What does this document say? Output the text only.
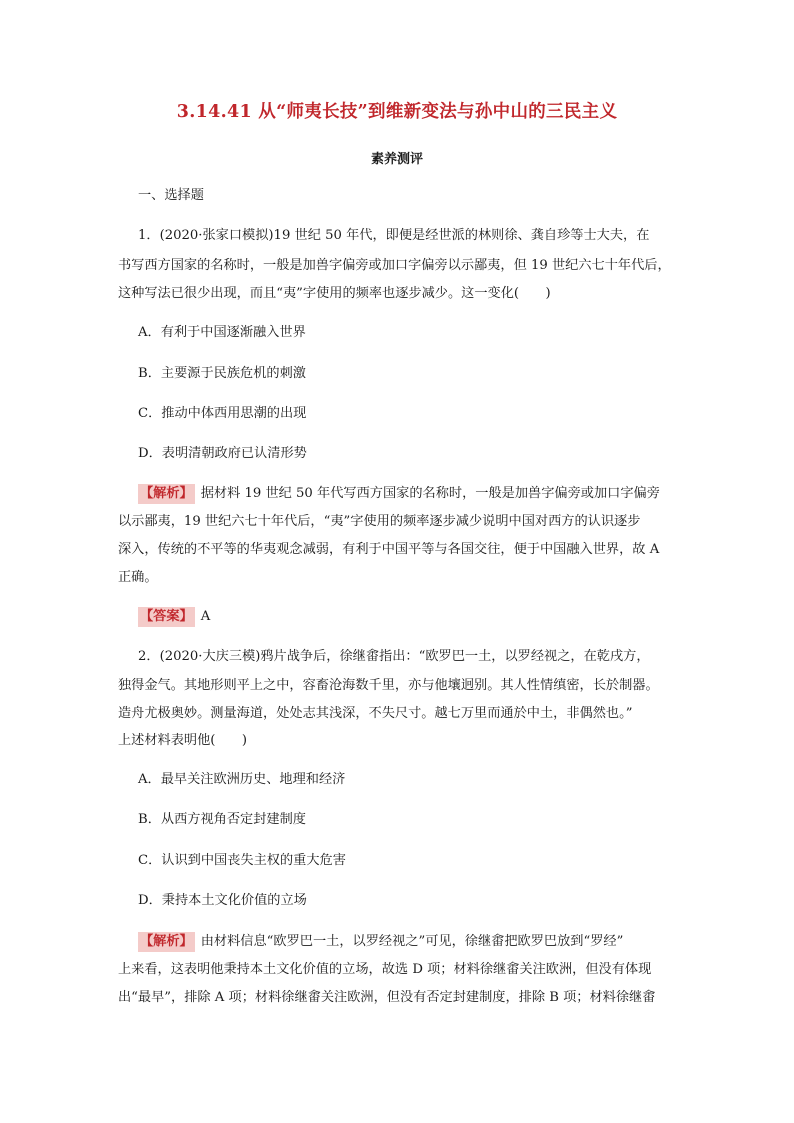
3.14.41 从“师夷长技”到维新变法与孙中山的三民主义
素养测评
一、选择题
1．(2020·张家口模拟)19 世纪 50 年代，即便是经世派的林则徐、龚自珍等士大夫，在
书写西方国家的名称时，一般是加兽字偏旁或加口字偏旁以示鄙夷，但 19 世纪六七十年代后，
这种写法已很少出现，而且“夷”字使用的频率也逐步减少。这一变化(　　)
A．有利于中国逐渐融入世界
B．主要源于民族危机的刺激
C．推动中体西用思潮的出现
D．表明清朝政府已认清形势
【解析】 据材料 19 世纪 50 年代写西方国家的名称时，一般是加兽字偏旁或加口字偏旁
以示鄙夷，19 世纪六七十年代后，“夷”字使用的频率逐步减少说明中国对西方的认识逐步
深入，传统的不平等的华夷观念减弱，有利于中国平等与各国交往，便于中国融入世界，故 A
正确。
【答案】 A
2．(2020·大庆三模)鸦片战争后，徐继畬指出：“欧罗巴一土，以罗经视之，在乾戌方，
独得金气。其地形则平上之中，容畜沧海数千里，亦与他壤迥别。其人性情缜密，长於制器。
造舟尤极奥妙。测量海道，处处志其浅深，不失尺寸。越七万里而通於中土，非偶然也。”
上述材料表明他(　　)
A．最早关注欧洲历史、地理和经济
B．从西方视角否定封建制度
C．认识到中国丧失主权的重大危害
D．秉持本土文化价值的立场
【解析】 由材料信息“欧罗巴一土，以罗经视之”可见，徐继畬把欧罗巴放到“罗经”
上来看，这表明他秉持本土文化价值的立场，故选 D 项；材料徐继畬关注欧洲，但没有体现
出“最早”，排除 A 项；材料徐继畬关注欧洲，但没有否定封建制度，排除 B 项；材料徐继畬
